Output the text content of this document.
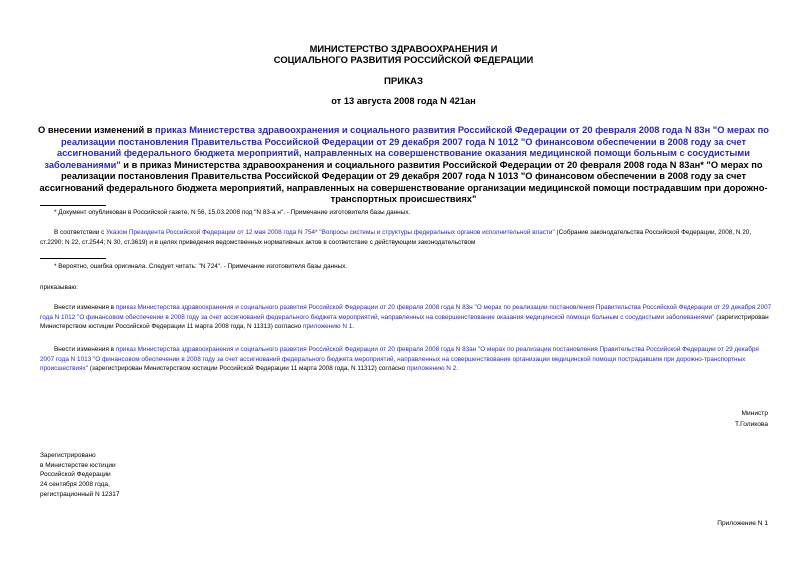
МИНИСТЕРСТВО ЗДРАВООХРАНЕНИЯ И
СОЦИАЛЬНОГО РАЗВИТИЯ РОССИЙСКОЙ ФЕДЕРАЦИИ
ПРИКАЗ
от 13 августа 2008 года N 421ан
О внесении изменений в приказ Министерства здравоохранения и социального развития Российской Федерации от 20 февраля 2008 года N 83н "О мерах по реализации постановления Правительства Российской Федерации от 29 декабря 2007 года N 1012 "О финансовом обеспечении в 2008 году за счет ассигнований федерального бюджета мероприятий, направленных на совершенствование оказания медицинской помощи больным с сосудистыми заболеваниями" и в приказ Министерства здравоохранения и социального развития Российской Федерации от 20 февраля 2008 года N 83ан* "О мерах по реализации постановления Правительства Российской Федерации от 29 декабря 2007 года N 1013 "О финансовом обеспечении в 2008 году за счет ассигнований федерального бюджета мероприятий, направленных на совершенствование организации медицинской помощи пострадавшим при дорожно-транспортных происшествиях"
* Документ опубликован в Российской газете, N 56, 15.03.2008 под "N 83-а н". - Примечание изготовителя базы данных.
В соответствии с Указом Президента Российской Федерации от 12 мая 2008 года N 754* "Вопросы системы и структуры федеральных органов исполнительной власти" (Собрание законодательства Российской Федерации, 2008, N 20, ст.2290; N 22, ст.2544; N 30, ст.3619) и в целях приведения ведомственных нормативных актов в соответствие с действующим законодательством
* Вероятно, ошибка оригинала. Следует читать: "N 724". - Примечание изготовителя базы данных.
приказываю:
Внести изменения в приказ Министерства здравоохранения и социального развития Российской Федерации от 20 февраля 2008 года N 83н "О мерах по реализации постановления Правительства Российской Федерации от 29 декабря 2007 года N 1012 "О финансовом обеспечении в 2008 году за счет ассигнований федерального бюджета мероприятий, направленных на совершенствование оказания медицинской помощи больным с сосудистыми заболеваниями" (зарегистрирован Министерством юстиции Российской Федерации 11 марта 2008 года, N 11313) согласно приложению N 1.
Внести изменения в приказ Министерства здравоохранения и социального развития Российской Федерации от 20 февраля 2008 года N 83ан "О мерах по реализации постановления Правительства Российской Федерации от 29 декабря 2007 года N 1013 "О финансовом обеспечении в 2008 году за счет ассигнований федерального бюджета мероприятий, направленных на совершенствование организации медицинской помощи пострадавшим при дорожно-транспортных происшествиях" (зарегистрирован Министерством юстиции Российской Федерации 11 марта 2008 года, N 11312) согласно приложению N 2.
Министр
Т.Голикова
Зарегистрировано
в Министерстве юстиции
Российской Федерации
24 сентября 2008 года,
регистрационный N 12317
Приложение N 1
